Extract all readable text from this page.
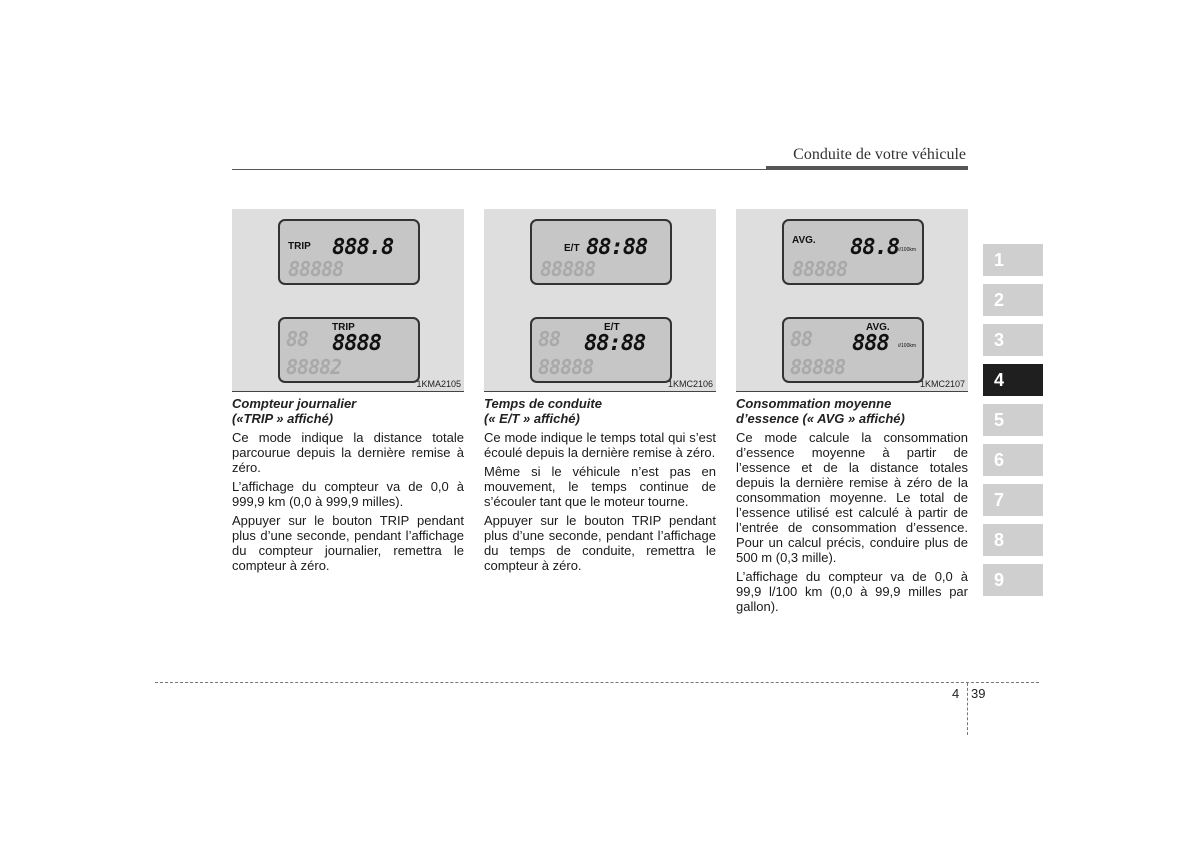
Conduite de votre véhicule
TRIP 888.8
88888
88 TRIP
8888
88882
1KMA2105
Compteur journalier
(«TRIP » affiché)
Ce mode indique la distance totale parcourue depuis la dernière remise à zéro.
L’affichage du compteur va de 0,0 à 999,9 km (0,0 à 999,9 milles).
Appuyer sur le bouton TRIP pendant plus d’une seconde, pendant l’affichage du compteur journalier, remettra le compteur à zéro.
E/T 88:88
88888
88	E/T
88:88
88888
1KMC2106
Temps de conduite
(« E/T » affiché)
Ce mode indique le temps total qui s’est écoulé depuis la dernière remise à zéro.
Même si le véhicule n’est pas en mouvement, le temps continue de s’écouler tant que le moteur tourne.
Appuyer sur le bouton TRIP pendant plus d’une seconde, pendant l’affichage du temps de conduite, remettra le compteur à zéro.
AVG. 88.8 ℓ/100km
88888
88	AVG.
888 ℓ/100km
88888
1KMC2107
Consommation moyenne
d’essence (« AVG » affiché)
Ce mode calcule la consommation d’essence moyenne à partir de l’essence et de la distance totales depuis la dernière remise à zéro de la consommation moyenne. Le total de l’essence utilisé est calculé à partir de l’entrée de consommation d’essence. Pour un calcul précis, conduire plus de 500 m (0,3 mille).
L’affichage du compteur va de 0,0 à 99,9 l/100 km (0,0 à 99,9 milles par gallon).
1
2
3
4
5
6
7
8
9
4 39
